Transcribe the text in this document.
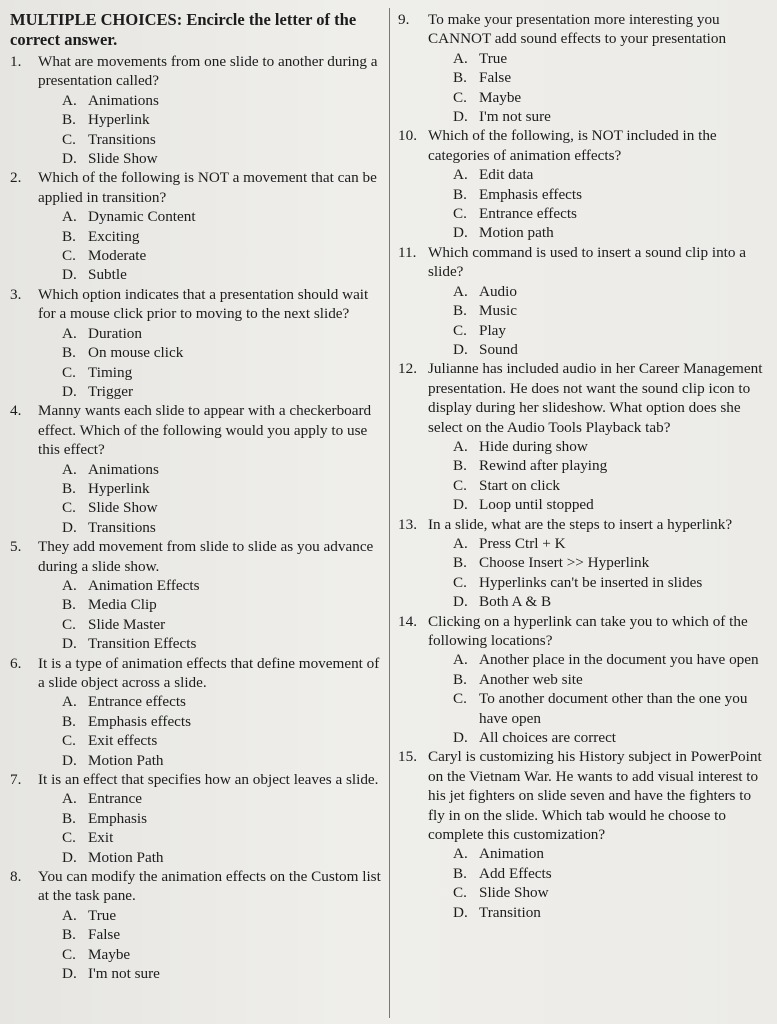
MULTIPLE CHOICES: Encircle the letter of the
correct answer.
1. What are movements from one slide to another during a presentation called?
A. Animations
B. Hyperlink
C. Transitions
D. Slide Show
2. Which of the following is NOT a movement that can be applied in transition?
A. Dynamic Content
B. Exciting
C. Moderate
D. Subtle
3. Which option indicates that a presentation should wait for a mouse click prior to moving to the next slide?
A. Duration
B. On mouse click
C. Timing
D. Trigger
4. Manny wants each slide to appear with a checkerboard effect. Which of the following would you apply to use this effect?
A. Animations
B. Hyperlink
C. Slide Show
D. Transitions
5. They add movement from slide to slide as you advance during a slide show.
A. Animation Effects
B. Media Clip
C. Slide Master
D. Transition Effects
6. It is a type of animation effects that define movement of a slide object across a slide.
A. Entrance effects
B. Emphasis effects
C. Exit effects
D. Motion Path
7. It is an effect that specifies how an object leaves a slide.
A. Entrance
B. Emphasis
C. Exit
D. Motion Path
8. You can modify the animation effects on the Custom list at the task pane.
A. True
B. False
C. Maybe
D. I'm not sure
9. To make your presentation more interesting you CANNOT add sound effects to your presentation
A. True
B. False
C. Maybe
D. I'm not sure
10. Which of the following, is NOT included in the categories of animation effects?
A. Edit data
B. Emphasis effects
C. Entrance effects
D. Motion path
11. Which command is used to insert a sound clip into a slide?
A. Audio
B. Music
C. Play
D. Sound
12. Julianne has included audio in her Career Management presentation. He does not want the sound clip icon to display during her slideshow. What option does she select on the Audio Tools Playback tab?
A. Hide during show
B. Rewind after playing
C. Start on click
D. Loop until stopped
13. In a slide, what are the steps to insert a hyperlink?
A. Press Ctrl + K
B. Choose Insert >> Hyperlink
C. Hyperlinks can't be inserted in slides
D. Both A & B
14. Clicking on a hyperlink can take you to which of the following locations?
A. Another place in the document you have open
B. Another web site
C. To another document other than the one you have open
D. All choices are correct
15. Caryl is customizing his History subject in PowerPoint on the Vietnam War. He wants to add visual interest to his jet fighters on slide seven and have the fighters to fly in on the slide. Which tab would he choose to complete this customization?
A. Animation
B. Add Effects
C. Slide Show
D. Transition
